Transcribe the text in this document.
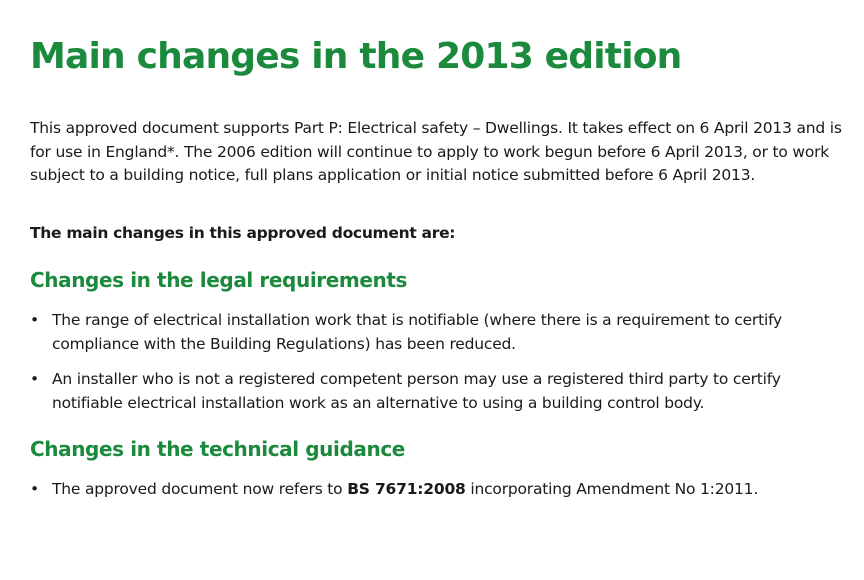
Main changes in the 2013 edition

This approved document supports Part P: Electrical safety – Dwellings. It takes effect on 6 April 2013 and is for use in England*. The 2006 edition will continue to apply to work begun before 6 April 2013, or to work subject to a building notice, full plans application or initial notice submitted before 6 April 2013.

The main changes in this approved document are:

Changes in the legal requirements
• The range of electrical installation work that is notifiable (where there is a requirement to certify compliance with the Building Regulations) has been reduced.
• An installer who is not a registered competent person may use a registered third party to certify notifiable electrical installation work as an alternative to using a building control body.
Changes in the technical guidance
• The approved document now refers to BS 7671:2008 incorporating Amendment No 1:2011.
